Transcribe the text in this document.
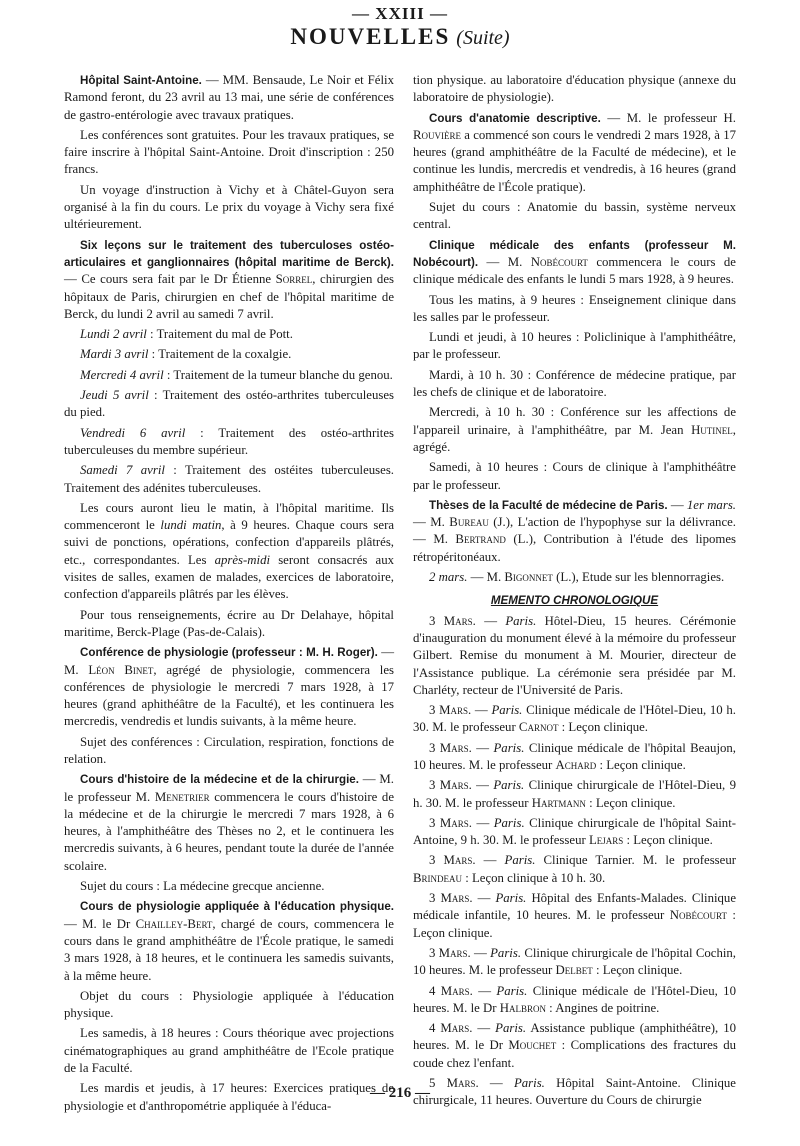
— XXIII —
NOUVELLES (Suite)

Hôpital Saint-Antoine. — MM. Bensaude, Le Noir et Félix Ramond feront, du 23 avril au 13 mai, une série de conférences de gastro-entérologie avec travaux pratiques.

Les conférences sont gratuites. Pour les travaux pratiques, se faire inscrire à l'hôpital Saint-Antoine. Droit d'inscription : 250 francs.

Un voyage d'instruction à Vichy et à Châtel-Guyon sera organisé à la fin du cours. Le prix du voyage à Vichy sera fixé ultérieurement.

Six leçons sur le traitement des tuberculoses ostéo-articulaires et ganglionnaires (hôpital maritime de Berck). — Ce cours sera fait par le Dr Étienne Sorrel, chirurgien des hôpitaux de Paris, chirurgien en chef de l'hôpital maritime de Berck, du lundi 2 avril au samedi 7 avril.

Lundi 2 avril : Traitement du mal de Pott.

Mardi 3 avril : Traitement de la coxalgie.

Mercredi 4 avril : Traitement de la tumeur blanche du genou.

Jeudi 5 avril : Traitement des ostéo-arthrites tuberculeuses du pied.

Vendredi 6 avril : Traitement des ostéo-arthrites tuberculeuses du membre supérieur.

Samedi 7 avril : Traitement des ostéites tuberculeuses. Traitement des adénites tuberculeuses.

Les cours auront lieu le matin, à l'hôpital maritime. Ils commenceront le lundi matin, à 9 heures. Chaque cours sera suivi de ponctions, opérations, confection d'appareils plâtrés, etc., correspondantes. Les après-midi seront consacrés aux visites de salles, examen de malades, exercices de laboratoire, confection d'appareils plâtrés par les élèves.

Pour tous renseignements, écrire au Dr Delahaye, hôpital maritime, Berck-Plage (Pas-de-Calais).

Conférence de physiologie (professeur : M. H. Roger). — M. Léon Binet, agrégé de physiologie, commencera les conférences de physiologie le mercredi 7 mars 1928, à 17 heures (grand aphithéâtre de la Faculté), et les continuera les mercredis, vendredis et lundis suivants, à la même heure.

Sujet des conférences : Circulation, respiration, fonctions de relation.

Cours d'histoire de la médecine et de la chirurgie. — M. le professeur M. Menetrier commencera le cours d'histoire de la médecine et de la chirurgie le mercredi 7 mars 1928, à 6 heures, à l'amphithéâtre des Thèses no 2, et le continuera les mercredis suivants, à 6 heures, pendant toute la durée de l'année scolaire.

Sujet du cours : La médecine grecque ancienne.

Cours de physiologie appliquée à l'éducation physique. — M. le Dr Chailley-Bert, chargé de cours, commencera le cours dans le grand amphithéâtre de l'École pratique, le samedi 3 mars 1928, à 18 heures, et le continuera les samedis suivants, à la même heure.

Objet du cours : Physiologie appliquée à l'éducation physique.

Les samedis, à 18 heures : Cours théorique avec projections cinématographiques au grand amphithéâtre de l'Ecole pratique de la Faculté.

Les mardis et jeudis, à 17 heures: Exercices pratiques de physiologie et d'anthropométrie appliquée à l'éduca-

tion physique. au laboratoire d'éducation physique (annexe du laboratoire de physiologie).

Cours d'anatomie descriptive. — M. le professeur H. Rouvière a commencé son cours le vendredi 2 mars 1928, à 17 heures (grand amphithéâtre de la Faculté de médecine), et le continue les lundis, mercredis et vendredis, à 16 heures (grand amphithéâtre de l'École pratique).

Sujet du cours : Anatomie du bassin, système nerveux central.

Clinique médicale des enfants (professeur M. Nobécourt). — M. Nobécourt commencera le cours de clinique médicale des enfants le lundi 5 mars 1928, à 9 heures.

Tous les matins, à 9 heures : Enseignement clinique dans les salles par le professeur.

Lundi et jeudi, à 10 heures : Policlinique à l'amphithéâtre, par le professeur.

Mardi, à 10 h. 30 : Conférence de médecine pratique, par les chefs de clinique et de laboratoire.

Mercredi, à 10 h. 30 : Conférence sur les affections de l'appareil urinaire, à l'amphithéâtre, par M. Jean Hutinel, agrégé.

Samedi, à 10 heures : Cours de clinique à l'amphithéâtre par le professeur.

Thèses de la Faculté de médecine de Paris. — 1er mars. — M. Bureau (J.), L'action de l'hypophyse sur la délivrance. — M. Bertrand (L.), Contribution à l'étude des lipomes rétropéritonéaux.

2 mars. — M. Bigonnet (L.), Etude sur les blennorragies.

MEMENTO CHRONOLOGIQUE

3 Mars. — Paris. Hôtel-Dieu, 15 heures. Cérémonie d'inauguration du monument élevé à la mémoire du professeur Gilbert. Remise du monument à M. Mourier, directeur de l'Assistance publique. La cérémonie sera présidée par M. Charléty, recteur de l'Université de Paris.

3 Mars. — Paris. Clinique médicale de l'Hôtel-Dieu, 10 h. 30. M. le professeur Carnot : Leçon clinique.

3 Mars. — Paris. Clinique médicale de l'hôpital Beaujon, 10 heures. M. le professeur Achard : Leçon clinique.

3 Mars. — Paris. Clinique chirurgicale de l'Hôtel-Dieu, 9 h. 30. M. le professeur Hartmann : Leçon clinique.

3 Mars. — Paris. Clinique chirurgicale de l'hôpital Saint-Antoine, 9 h. 30. M. le professeur Lejars : Leçon clinique.

3 Mars. — Paris. Clinique Tarnier. M. le professeur Brindeau : Leçon clinique à 10 h. 30.

3 Mars. — Paris. Hôpital des Enfants-Malades. Clinique médicale infantile, 10 heures. M. le professeur Nobécourt : Leçon clinique.

3 Mars. — Paris. Clinique chirurgicale de l'hôpital Cochin, 10 heures. M. le professeur Delbet : Leçon clinique.

4 Mars. — Paris. Clinique médicale de l'Hôtel-Dieu, 10 heures. M. le Dr Halbron : Angines de poitrine.

4 Mars. — Paris. Assistance publique (amphithéâtre), 10 heures. M. le Dr Mouchet : Complications des fractures du coude chez l'enfant.

5 Mars. — Paris. Hôpital Saint-Antoine. Clinique chirurgicale, 11 heures. Ouverture du Cours de chirurgie

— 216 —
